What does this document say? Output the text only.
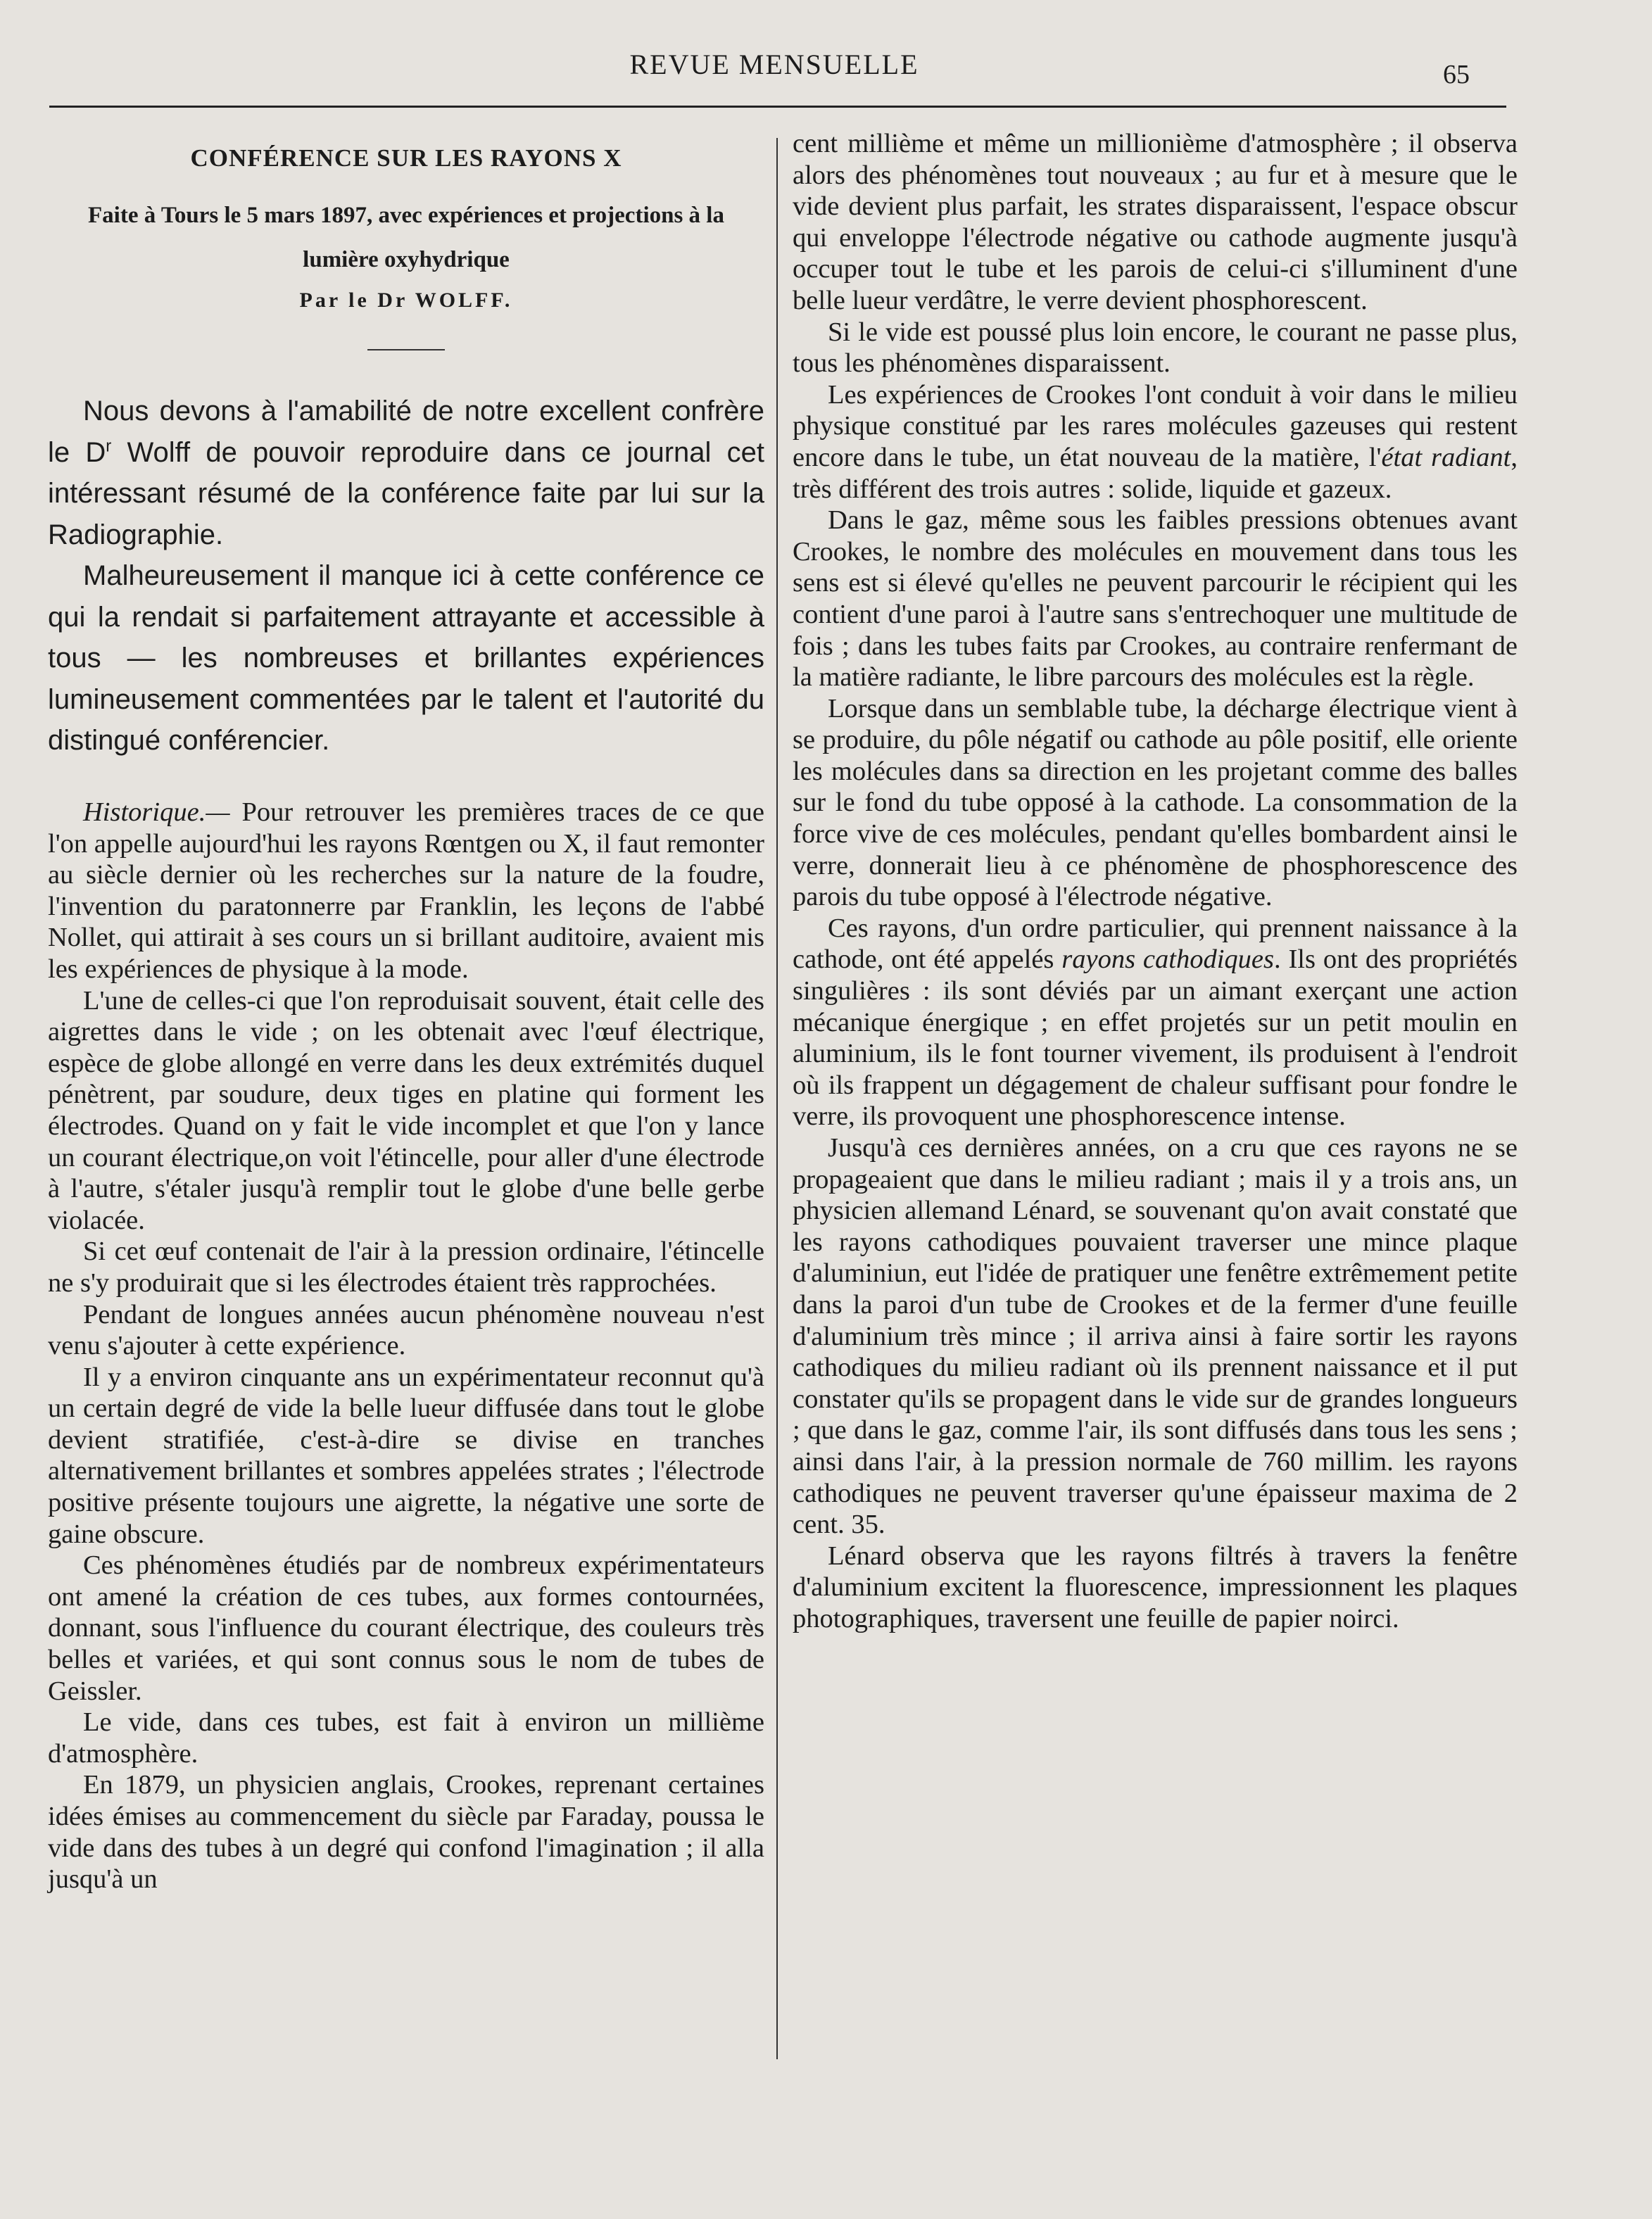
REVUE MENSUELLE	65
CONFÉRENCE SUR LES RAYONS X
Faite à Tours le 5 mars 1897, avec expériences et projections à la lumière oxyhydrique
Par le Dr WOLFF.

Nous devons à l'amabilité de notre excellent confrère le $D^r$ Wolff de pouvoir reproduire dans ce journal cet intéressant résumé de la conférence faite par lui sur la Radiographie.

Malheureusement il manque ici à cette conférence ce qui la rendait si parfaitement attrayante et accessible à tous — les nombreuses et brillantes expériences lumineusement commentées par le talent et l'autorité du distingué conférencier.

Historique.— Pour retrouver les premières traces de ce que l'on appelle aujourd'hui les rayons Rœntgen ou X, il faut remonter au siècle dernier où les recherches sur la nature de la foudre, l'invention du paratonnerre par Franklin, les leçons de l'abbé Nollet, qui attirait à ses cours un si brillant auditoire, avaient mis les expériences de physique à la mode.

L'une de celles-ci que l'on reproduisait souvent, était celle des aigrettes dans le vide ; on les obtenait avec l'œuf électrique, espèce de globe allongé en verre dans les deux extrémités duquel pénètrent, par soudure, deux tiges en platine qui forment les électrodes. Quand on y fait le vide incomplet et que l'on y lance un courant électrique,on voit l'étincelle, pour aller d'une électrode à l'autre, s'étaler jusqu'à remplir tout le globe d'une belle gerbe violacée.

Si cet œuf contenait de l'air à la pression ordinaire, l'étincelle ne s'y produirait que si les électrodes étaient très rapprochées.

Pendant de longues années aucun phénomène nouveau n'est venu s'ajouter à cette expérience.

Il y a environ cinquante ans un expérimentateur reconnut qu'à un certain degré de vide la belle lueur diffusée dans tout le globe devient stratifiée, c'est-à-dire se divise en tranches alternativement brillantes et sombres appelées strates ; l'électrode positive présente toujours une aigrette, la négative une sorte de gaine obscure.

Ces phénomènes étudiés par de nombreux expérimentateurs ont amené la création de ces tubes, aux formes contournées, donnant, sous l'influence du courant électrique, des couleurs très belles et variées, et qui sont connus sous le nom de tubes de Geissler.

Le vide, dans ces tubes, est fait à environ un millième d'atmosphère.

En 1879, un physicien anglais, Crookes, reprenant certaines idées émises au commencement du siècle par Faraday, poussa le vide dans des tubes à un degré qui confond l'imagination ; il alla jusqu'à un

cent millième et même un millionième d'atmosphère ; il observa alors des phénomènes tout nouveaux ; au fur et à mesure que le vide devient plus parfait, les strates disparaissent, l'espace obscur qui enveloppe l'électrode négative ou cathode augmente jusqu'à occuper tout le tube et les parois de celui-ci s'illuminent d'une belle lueur verdâtre, le verre devient phosphorescent.

Si le vide est poussé plus loin encore, le courant ne passe plus, tous les phénomènes disparaissent.

Les expériences de Crookes l'ont conduit à voir dans le milieu physique constitué par les rares molécules gazeuses qui restent encore dans le tube, un état nouveau de la matière, l'état radiant, très différent des trois autres : solide, liquide et gazeux.

Dans le gaz, même sous les faibles pressions obtenues avant Crookes, le nombre des molécules en mouvement dans tous les sens est si élevé qu'elles ne peuvent parcourir le récipient qui les contient d'une paroi à l'autre sans s'entrechoquer une multitude de fois ; dans les tubes faits par Crookes, au contraire renfermant de la matière radiante, le libre parcours des molécules est la règle.

Lorsque dans un semblable tube, la décharge électrique vient à se produire, du pôle négatif ou cathode au pôle positif, elle oriente les molécules dans sa direction en les projetant comme des balles sur le fond du tube opposé à la cathode. La consommation de la force vive de ces molécules, pendant qu'elles bombardent ainsi le verre, donnerait lieu à ce phénomène de phosphorescence des parois du tube opposé à l'électrode négative.

Ces rayons, d'un ordre particulier, qui prennent naissance à la cathode, ont été appelés rayons cathodiques. Ils ont des propriétés singulières : ils sont déviés par un aimant exerçant une action mécanique énergique ; en effet projetés sur un petit moulin en aluminium, ils le font tourner vivement, ils produisent à l'endroit où ils frappent un dégagement de chaleur suffisant pour fondre le verre, ils provoquent une phosphorescence intense.

Jusqu'à ces dernières années, on a cru que ces rayons ne se propageaient que dans le milieu radiant ; mais il y a trois ans, un physicien allemand Lénard, se souvenant qu'on avait constaté que les rayons cathodiques pouvaient traverser une mince plaque d'aluminiun, eut l'idée de pratiquer une fenêtre extrêmement petite dans la paroi d'un tube de Crookes et de la fermer d'une feuille d'aluminium très mince ; il arriva ainsi à faire sortir les rayons cathodiques du milieu radiant où ils prennent naissance et il put constater qu'ils se propagent dans le vide sur de grandes longueurs ; que dans le gaz, comme l'air, ils sont diffusés dans tous les sens ; ainsi dans l'air, à la pression normale de 760 millim. les rayons cathodiques ne peuvent traverser qu'une épaisseur maxima de 2 cent. 35.

Lénard observa que les rayons filtrés à travers la fenêtre d'aluminium excitent la fluorescence, impressionnent les plaques photographiques, traversent une feuille de papier noirci.
